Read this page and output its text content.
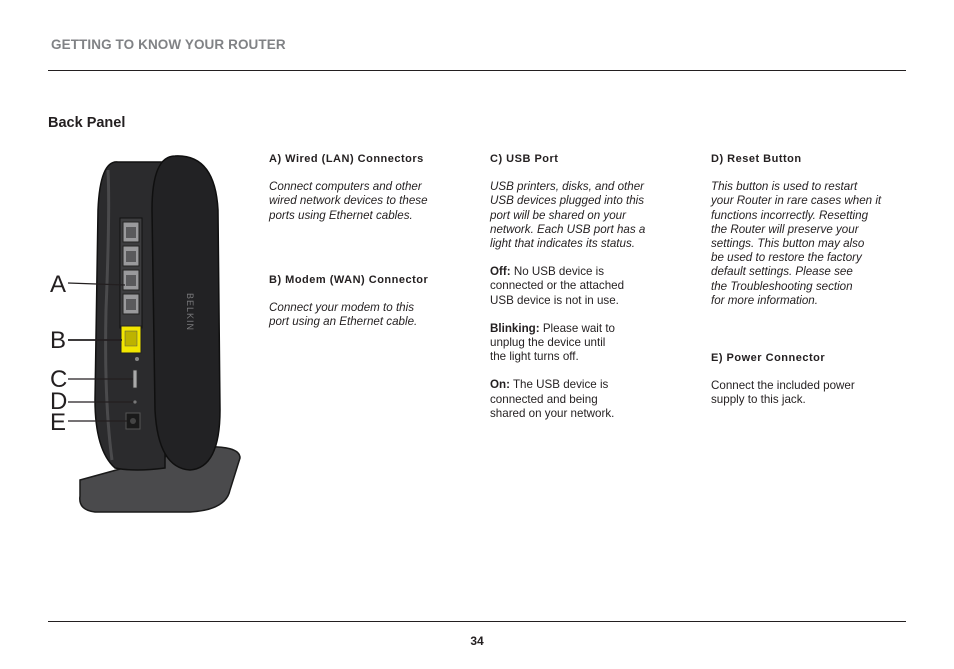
GETTING TO KNOW YOUR ROUTER
Back Panel
BELKIN
A
B
C
D
E
A) Wired (LAN) Connectors
Connect computers and other
wired network devices to these
ports using Ethernet cables.
B) Modem (WAN) Connector
Connect your modem to this
port using an Ethernet cable.
C) USB Port
USB printers, disks, and other
USB devices plugged into this
port will be shared on your
network. Each USB port has a
light that indicates its status.
Off: No USB device is
connected or the attached
USB device is not in use.
Blinking: Please wait to
unplug the device until
the light turns off.
On: The USB device is
connected and being
shared on your network.
D) Reset Button
This button is used to restart
your Router in rare cases when it
functions incorrectly. Resetting
the Router will preserve your
settings. This button may also
be used to restore the factory
default settings. Please see
the Troubleshooting section
for more information.
E) Power Connector
Connect the included power
supply to this jack.
34
